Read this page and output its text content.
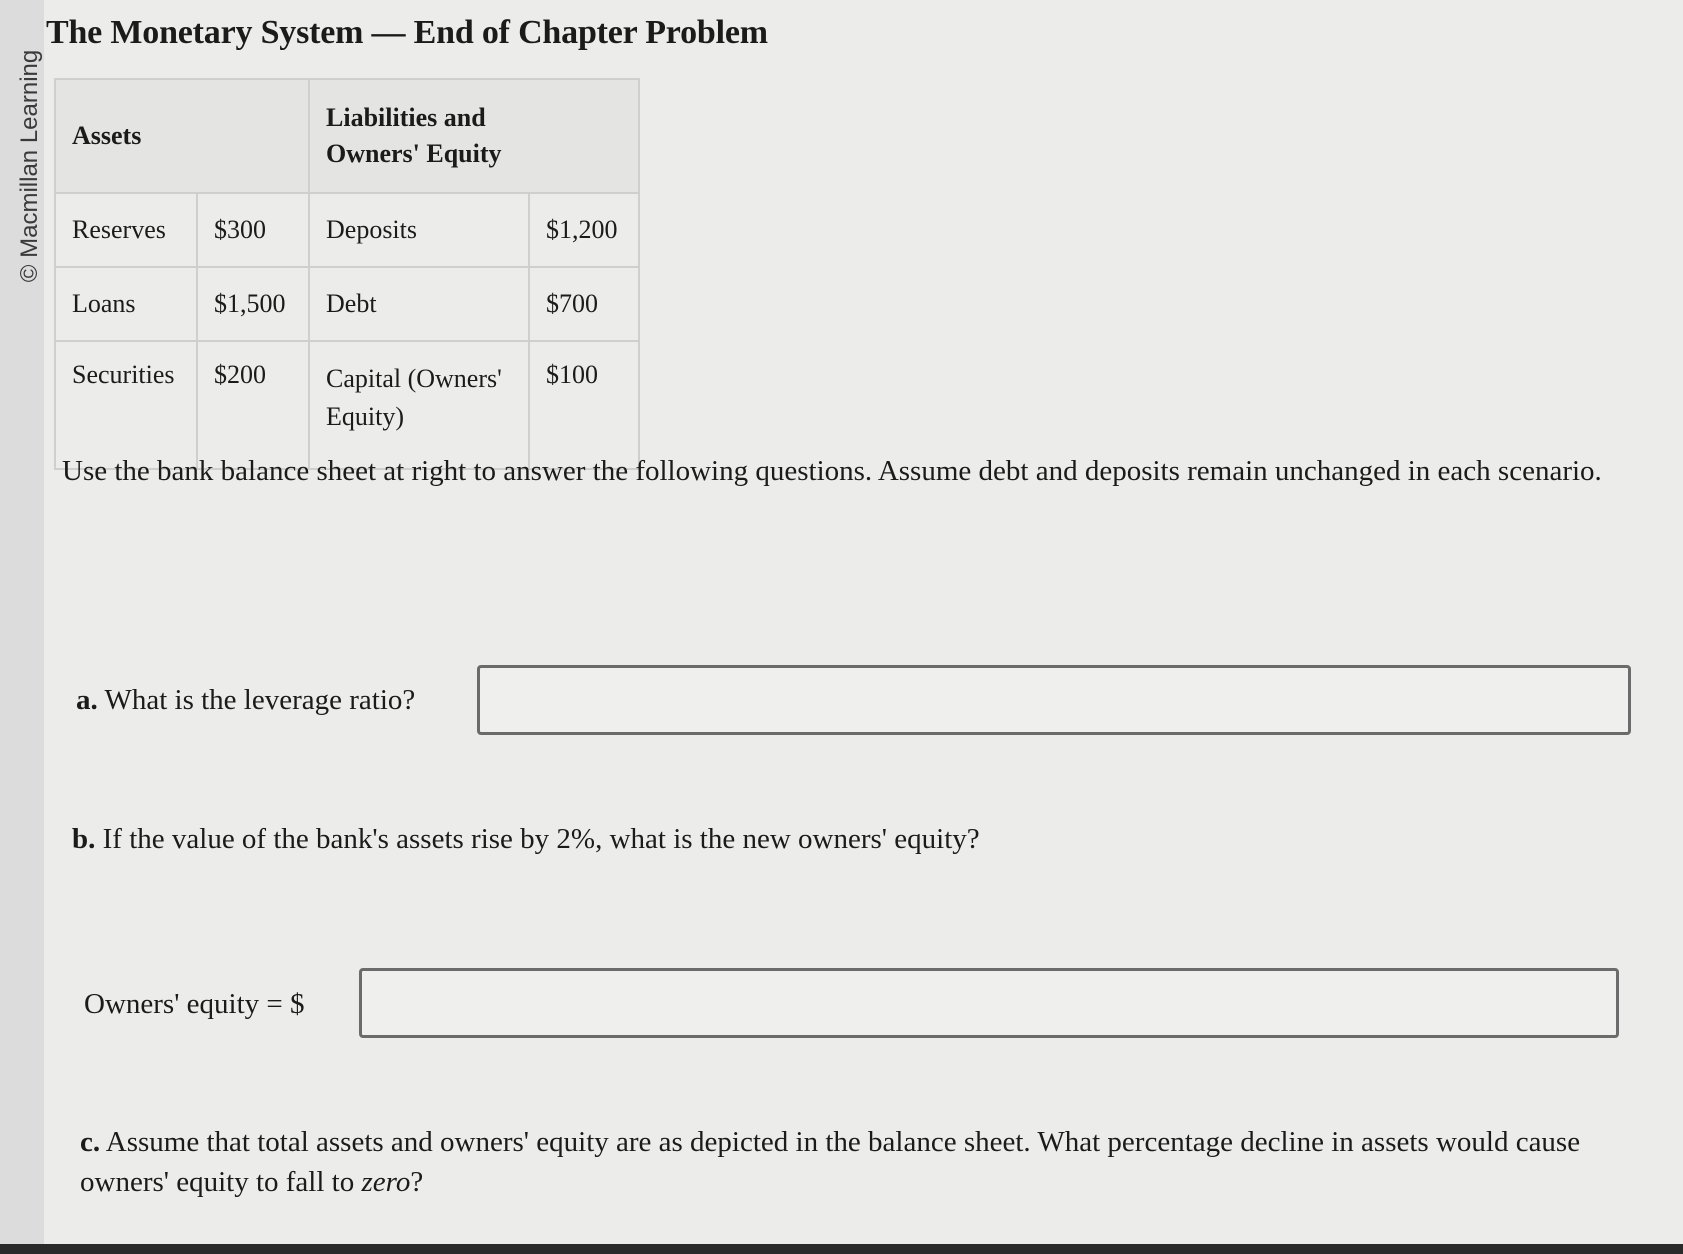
© Macmillan Learning
The Monetary System — End of Chapter Problem
Assets		Liabilities and Owners' Equity	
Reserves	$300	Deposits	$1,200
Loans	$1,500	Debt	$700
Securities	$200	Capital (Owners' Equity)	$100

Use the bank balance sheet at right to answer the following questions. Assume debt and deposits remain unchanged in each scenario.

a. What is the leverage ratio?

b. If the value of the bank's assets rise by 2%, what is the new owners' equity?

Owners' equity = $

c. Assume that total assets and owners' equity are as depicted in the balance sheet. What percentage decline in assets would cause owners' equity to fall to zero?
